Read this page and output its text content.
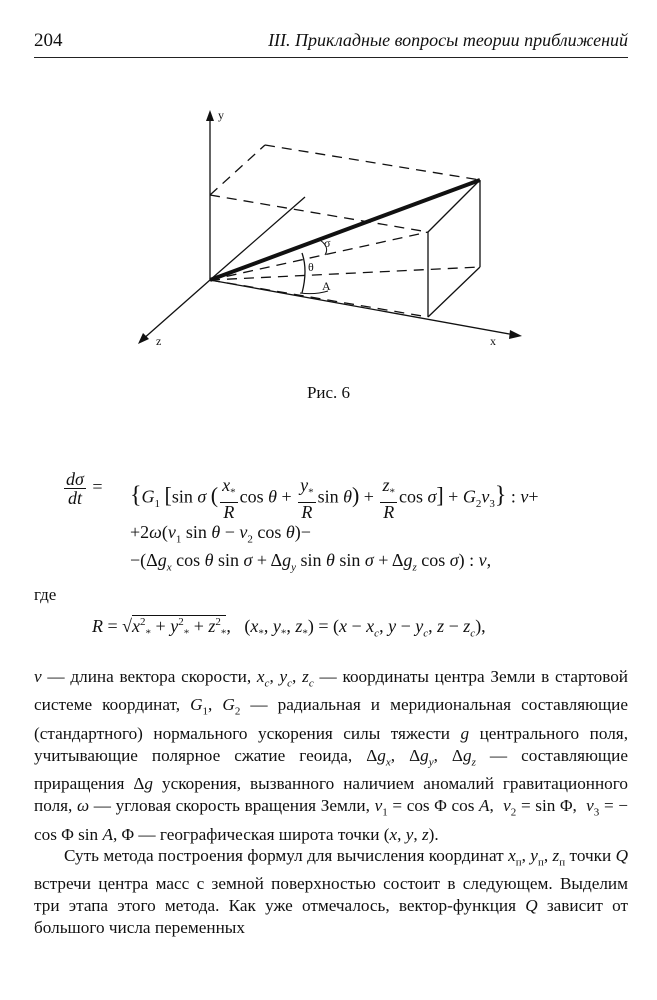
204	III. Прикладные вопросы теории приближений
y
z	x
σ
θ
A
Рис. 6
$\frac{d\sigma}{dt} = \{G_1$ [sin σ ( $\frac{x_*}{R}$ $\cos \theta + \frac{y_*}{R}$ $\sin \theta) + \frac{z_*}{R}$ $\cos \sigma] + G_2v_3$} : v+
$+2\omega(v_1$ $\sin \theta - v_2$ cos θ)−
$-(\Delta g_x$ cos θ $\sin \sigma + \Delta g_y$ sin θ $\sin \sigma + \Delta g_z$ cos σ) : v,
где
$R = √x^2_* + y^2_* + z^2_*$,   ($x_*$, $y_*$, $z_*) = (x - x_c$, $y - y_c$, $z - z_c$),
v — длина вектора скорости, $x_c$, $y_c$, $z_c$ — координаты центра Земли в стартовой системе координат, $G_1$, $G_2$ — радиальная и меридиональная составляющие (стандартного) нормального ускорения силы тяжести g центрального поля, учитывающие полярное сжатие геоида, $\Delta g_x$, $\Delta g_y$, $\Delta g_z$ — составляющие приращения Δg ускорения, вызванного наличием аномалий гравитационного поля, ω — угловая скорость вращения Земли, $v_1 = \cos \Phi$ cos A,  $v_2 = \sin \Phi$,  $v_3$ = − cos Φ sin A, Φ — географическая широта точки (x, y, z).
Суть метода построения формул для вычисления координат $x_п$, $y_п$, $z_п$ точки Q встречи центра масс с земной поверхностью состоит в следующем. Выделим три этапа этого метода. Как уже отмечалось, вектор-функция Q зависит от большого числа переменных
